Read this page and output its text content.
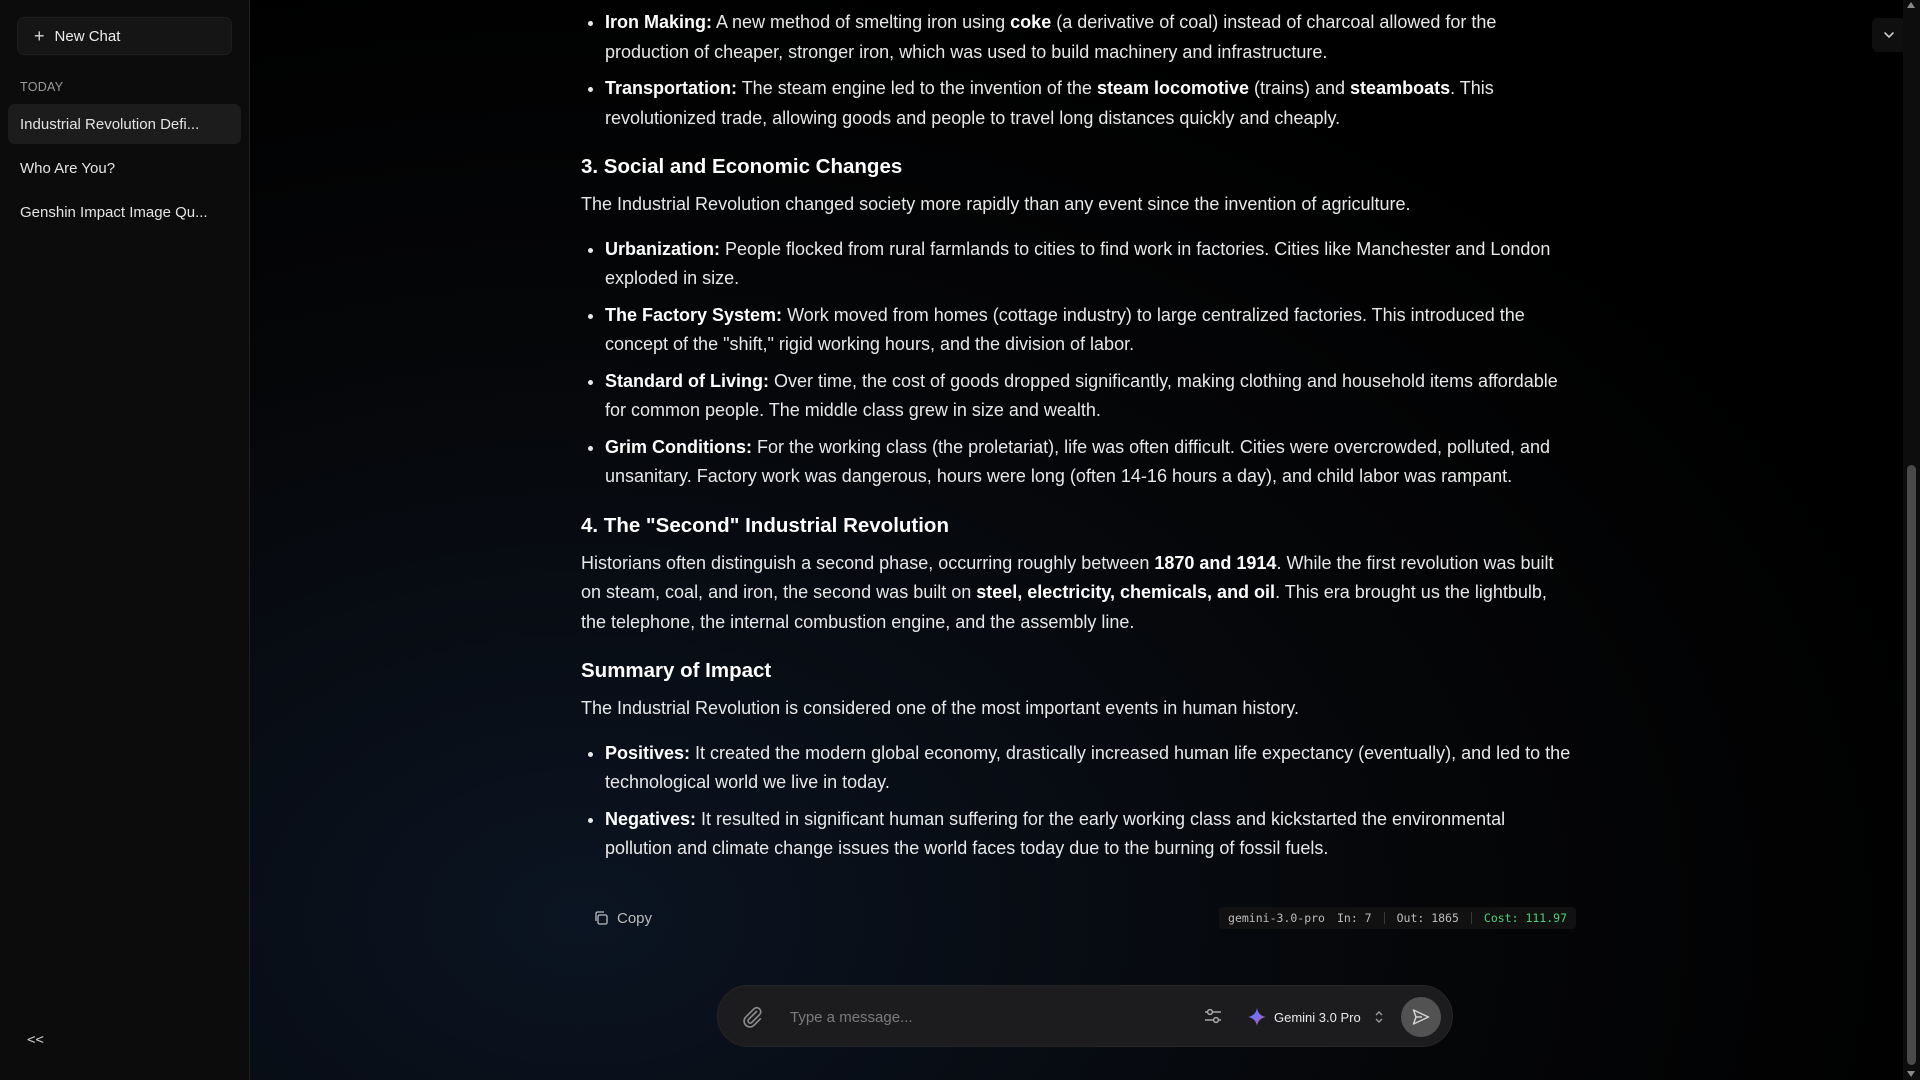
+ New Chat
TODAY
Industrial Revolution Defi...
Who Are You?
Genshin Impact Image Qu...
<<
• Iron Making: A new method of smelting iron using coke (a derivative of coal) instead of charcoal allowed for the production of cheaper, stronger iron, which was used to build machinery and infrastructure.
• Transportation: The steam engine led to the invention of the steam locomotive (trains) and steamboats. This revolutionized trade, allowing goods and people to travel long distances quickly and cheaply.
3. Social and Economic Changes

The Industrial Revolution changed society more rapidly than any event since the invention of agriculture.

• Urbanization: People flocked from rural farmlands to cities to find work in factories. Cities like Manchester and London exploded in size.
• The Factory System: Work moved from homes (cottage industry) to large centralized factories. This introduced the concept of the "shift," rigid working hours, and the division of labor.
• Standard of Living: Over time, the cost of goods dropped significantly, making clothing and household items affordable for common people. The middle class grew in size and wealth.
• Grim Conditions: For the working class (the proletariat), life was often difficult. Cities were overcrowded, polluted, and unsanitary. Factory work was dangerous, hours were long (often 14-16 hours a day), and child labor was rampant.
4. The "Second" Industrial Revolution

Historians often distinguish a second phase, occurring roughly between 1870 and 1914. While the first revolution was built on steam, coal, and iron, the second was built on steel, electricity, chemicals, and oil. This era brought us the lightbulb, the telephone, the internal combustion engine, and the assembly line.

Summary of Impact

The Industrial Revolution is considered one of the most important events in human history.

• Positives: It created the modern global economy, drastically increased human life expectancy (eventually), and led to the technological world we live in today.
• Negatives: It resulted in significant human suffering for the early working class and kickstarted the environmental pollution and climate change issues the world faces today due to the burning of fossil fuels.
Copy	gemini-3.0-pro In: 7 Out: 1865 Cost: 111.97
Type a message...
Gemini 3.0 Pro
